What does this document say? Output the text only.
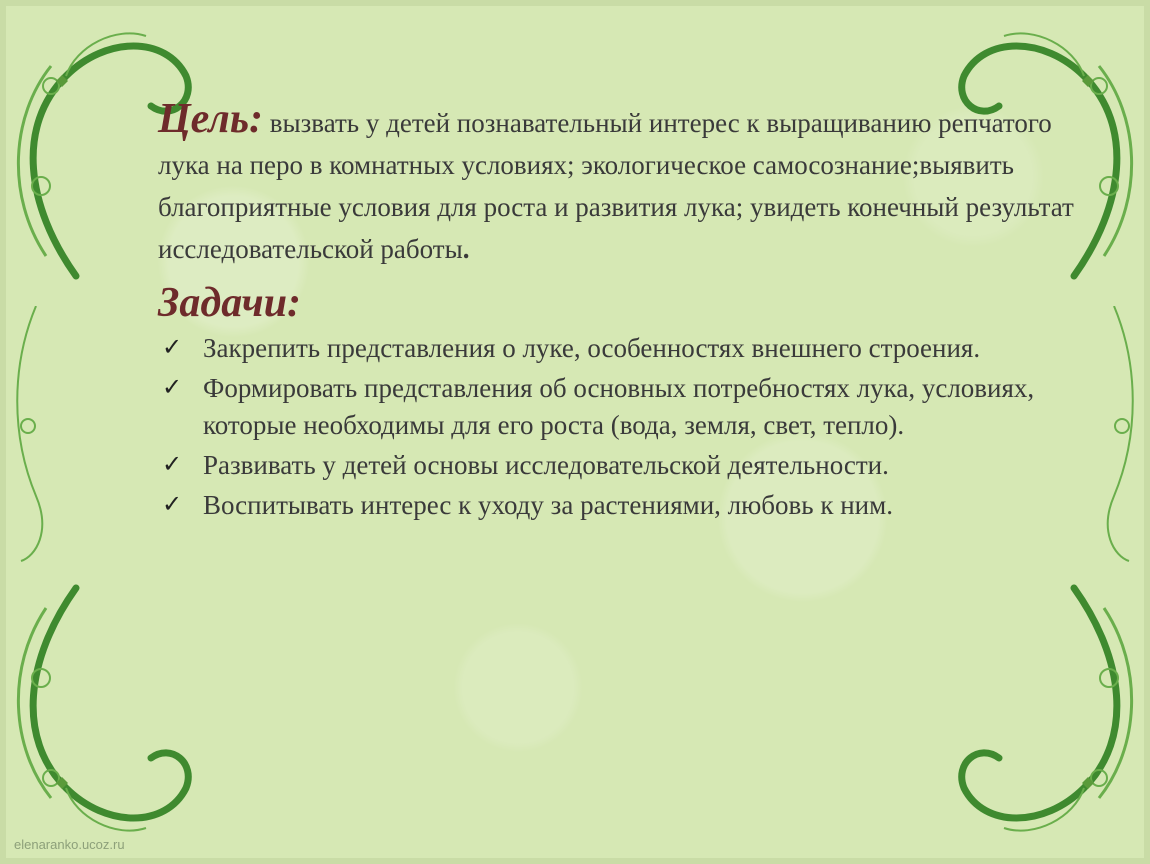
Цель: вызвать у детей познавательный интерес к выращиванию репчатого лука на перо в комнатных условиях; экологическое самосознание;выявить благоприятные условия для роста и развития лука; увидеть конечный результат исследовательской работы.

Задачи:
✓ Закрепить представления о луке, особенностях внешнего строения.
✓ Формировать представления об основных потребностях лука, условиях, которые необходимы для его роста (вода, земля, свет, тепло).
✓ Развивать у детей основы исследовательской деятельности.
✓ Воспитывать интерес к уходу за растениями, любовь к ним.
elenaranko.ucoz.ru
